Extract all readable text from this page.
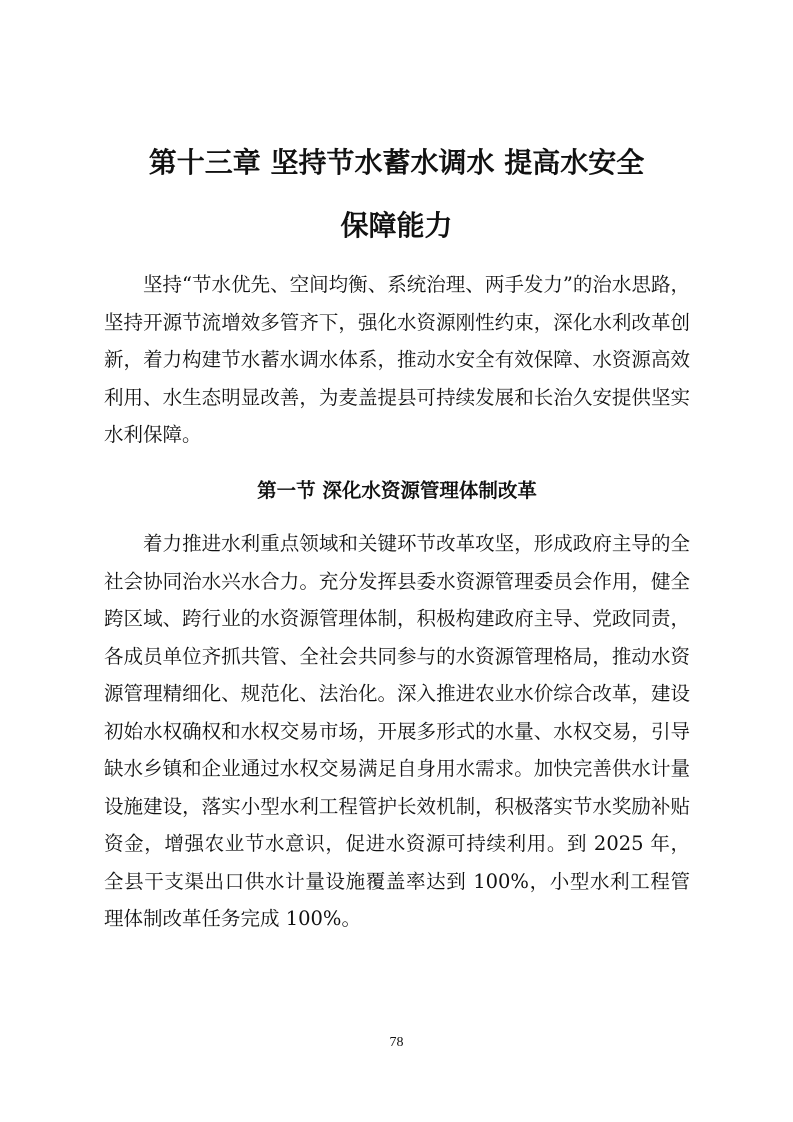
第十三章 坚持节水蓄水调水 提高水安全
保障能力

坚持“节水优先、空间均衡、系统治理、两手发力”的治水思路，坚持开源节流增效多管齐下，强化水资源刚性约束，深化水利改革创新，着力构建节水蓄水调水体系，推动水安全有效保障、水资源高效利用、水生态明显改善，为麦盖提县可持续发展和长治久安提供坚实水利保障。

第一节 深化水资源管理体制改革

着力推进水利重点领域和关键环节改革攻坚，形成政府主导的全社会协同治水兴水合力。充分发挥县委水资源管理委员会作用，健全跨区域、跨行业的水资源管理体制，积极构建政府主导、党政同责，各成员单位齐抓共管、全社会共同参与的水资源管理格局，推动水资源管理精细化、规范化、法治化。深入推进农业水价综合改革，建设初始水权确权和水权交易市场，开展多形式的水量、水权交易，引导缺水乡镇和企业通过水权交易满足自身用水需求。加快完善供水计量设施建设，落实小型水利工程管护长效机制，积极落实节水奖励补贴资金，增强农业节水意识，促进水资源可持续利用。到 2025 年，全县干支渠出口供水计量设施覆盖率达到 100%，小型水利工程管理体制改革任务完成 100%。

78
